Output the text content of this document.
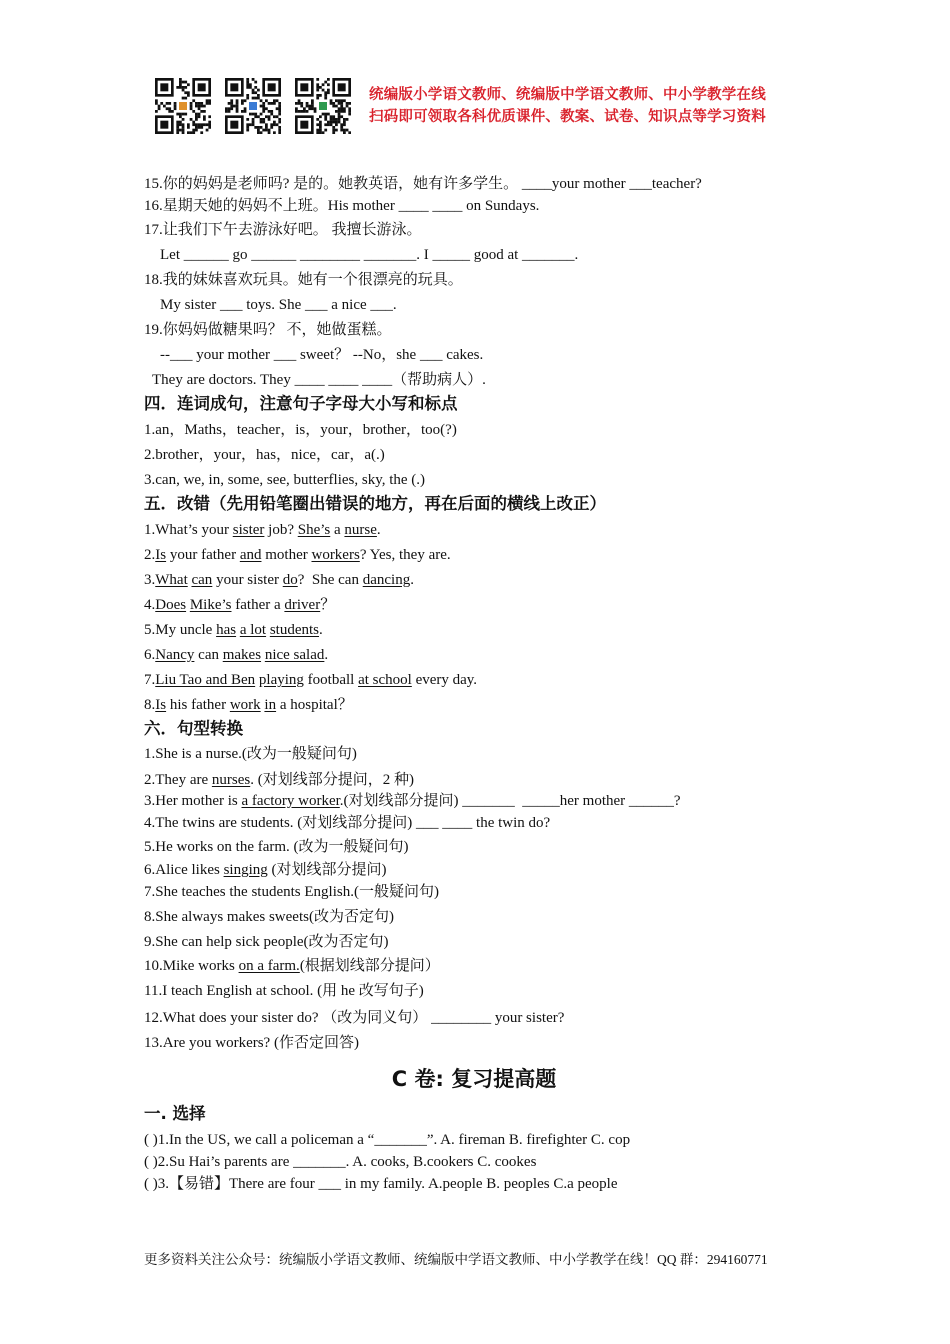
统编版小学语文教师、统编版中学语文教师、中小学教学在线
扫码即可领取各科优质课件、教案、试卷、知识点等学习资料
15.你的妈妈是老师吗? 是的。她教英语，她有许多学生。 ____your mother ___teacher?
16.星期天她的妈妈不上班。His mother ____ ____ on Sundays.
17.让我们下午去游泳好吧。 我擅长游泳。
Let ______ go ______ ________ _______. I _____ good at _______.
18.我的妹妹喜欢玩具。她有一个很漂亮的玩具。
My sister ___ toys. She ___ a nice ___.
19.你妈妈做糖果吗？ 不，她做蛋糕。
--___ your mother ___ sweet？ --No，she ___ cakes.
They are doctors. They ____ ____ ____（帮助病人）.
四．连词成句，注意句子字母大小写和标点
1.an，Maths，teacher，is，your，brother，too(?)
2.brother，your，has，nice，car，a(.)
3.can, we, in, some, see, butterflies, sky, the (.)
五．改错（先用铅笔圈出错误的地方，再在后面的横线上改正）
1.What’s your sister job? She’s a nurse.
2.Is your father and mother workers? Yes, they are.
3.What can your sister do?  She can dancing.
4.Does Mike’s father a driver？
5.My uncle has a lot students.
6.Nancy can makes nice salad.
7.Liu Tao and Ben playing football at school every day.
8.Is his father work in a hospital？
六．句型转换
1.She is a nurse.(改为一般疑问句)
2.They are nurses. (对划线部分提问，2 种)
3.Her mother is a factory worker.(对划线部分提问) _______  _____her mother ______?
4.The twins are students. (对划线部分提问) ___ ____ the twin do?
5.He works on the farm. (改为一般疑问句)
6.Alice likes singing (对划线部分提问)
7.She teaches the students English.(一般疑问句)
8.She always makes sweets(改为否定句)
9.She can help sick people(改为否定句)
10.Mike works on a farm.(根据划线部分提问）
11.I teach English at school. (用 he 改写句子)
12.What does your sister do? （改为同义句） ________ your sister?
13.Are you workers? (作否定回答)
C 卷: 复习提高题
一. 选择
( )1.In the US, we call a policeman a “_______”. A. fireman B. firefighter C. cop
( )2.Su Hai’s parents are _______. A. cooks, B.cookers C. cookes
( )3.【易错】There are four ___ in my family. A.people B. peoples C.a people
更多资料关注公众号：统编版小学语文教师、统编版中学语文教师、中小学教学在线！QQ 群：294160771
